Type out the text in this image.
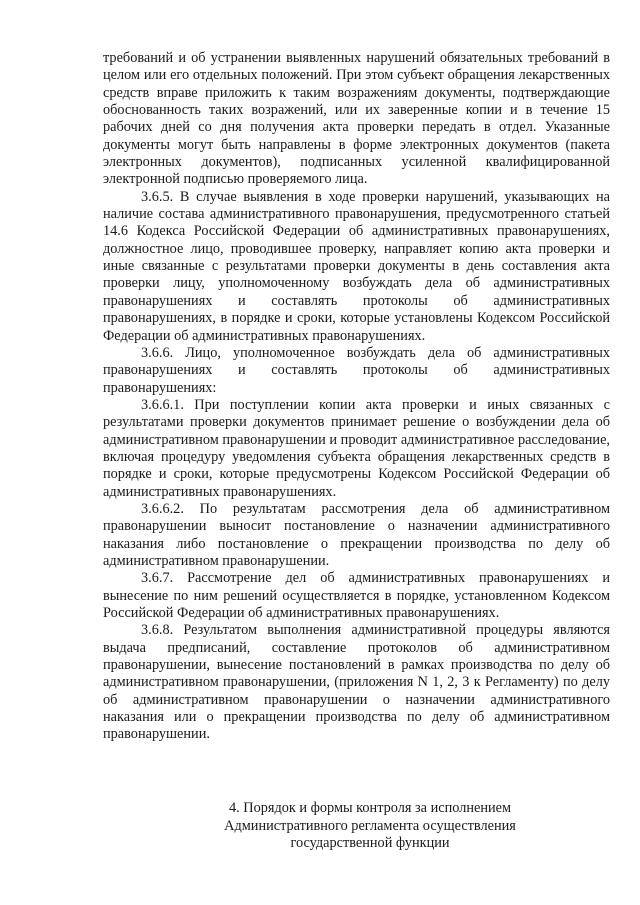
требований и об устранении выявленных нарушений обязательных требований в целом или его отдельных положений. При этом субъект обращения лекарственных средств вправе приложить к таким возражениям документы, подтверждающие обоснованность таких возражений, или их заверенные копии и в течение 15 рабочих дней со дня получения акта проверки передать в отдел. Указанные документы могут быть направлены в форме электронных документов (пакета электронных документов), подписанных усиленной квалифицированной электронной подписью проверяемого лица.

3.6.5. В случае выявления в ходе проверки нарушений, указывающих на наличие состава административного правонарушения, предусмотренного статьей 14.6 Кодекса Российской Федерации об административных правонарушениях, должностное лицо, проводившее проверку, направляет копию акта проверки и иные связанные с результатами проверки документы в день составления акта проверки лицу, уполномоченному возбуждать дела об административных правонарушениях и составлять протоколы об административных правонарушениях, в порядке и сроки, которые установлены Кодексом Российской Федерации об административных правонарушениях.

3.6.6. Лицо, уполномоченное возбуждать дела об административных правонарушениях и составлять протоколы об административных правонарушениях:

3.6.6.1. При поступлении копии акта проверки и иных связанных с результатами проверки документов принимает решение о возбуждении дела об административном правонарушении и проводит административное расследование, включая процедуру уведомления субъекта обращения лекарственных средств в порядке и сроки, которые предусмотрены Кодексом Российской Федерации об административных правонарушениях.

3.6.6.2. По результатам рассмотрения дела об административном правонарушении выносит постановление о назначении административного наказания либо постановление о прекращении производства по делу об административном правонарушении.

3.6.7. Рассмотрение дел об административных правонарушениях и вынесение по ним решений осуществляется в порядке, установленном Кодексом Российской Федерации об административных правонарушениях.

3.6.8. Результатом выполнения административной процедуры являются выдача предписаний, составление протоколов об административном правонарушении, вынесение постановлений в рамках производства по делу об административном правонарушении, (приложения N 1, 2, 3 к Регламенту) по делу об административном правонарушении о назначении административного наказания или о прекращении производства по делу об административном правонарушении.

4. Порядок и формы контроля за исполнением
Административного регламента осуществления
государственной функции
